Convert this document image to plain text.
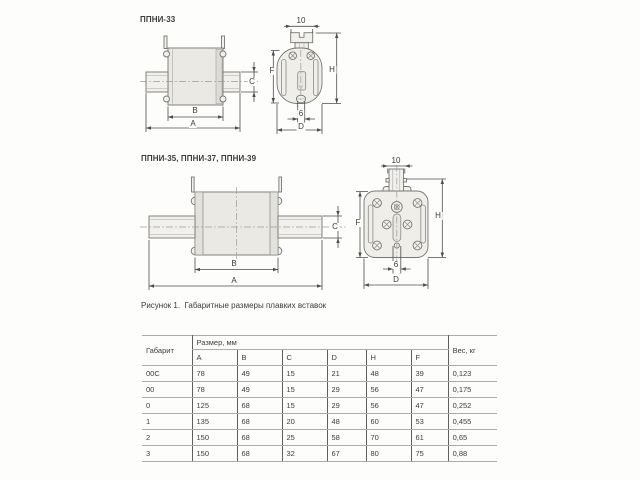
ППНИ-33
B
A
C
10
F	H
6
D
ППНИ-35, ППНИ-37, ППНИ-39
B
A
C
10
F
H
6
D
Рисунок 1.  Габаритные размеры плавких вставок
Габарит	Размер, мм						Вес, кг
	A	B	C	D	H	F	
00C	78	49	15	21	48	39	0,123
00	78	49	15	29	56	47	0,175
0	125	68	15	29	56	47	0,252
1	135	68	20	48	60	53	0,455
2	150	68	25	58	70	61	0,65
3	150	68	32	67	80	75	0,88
